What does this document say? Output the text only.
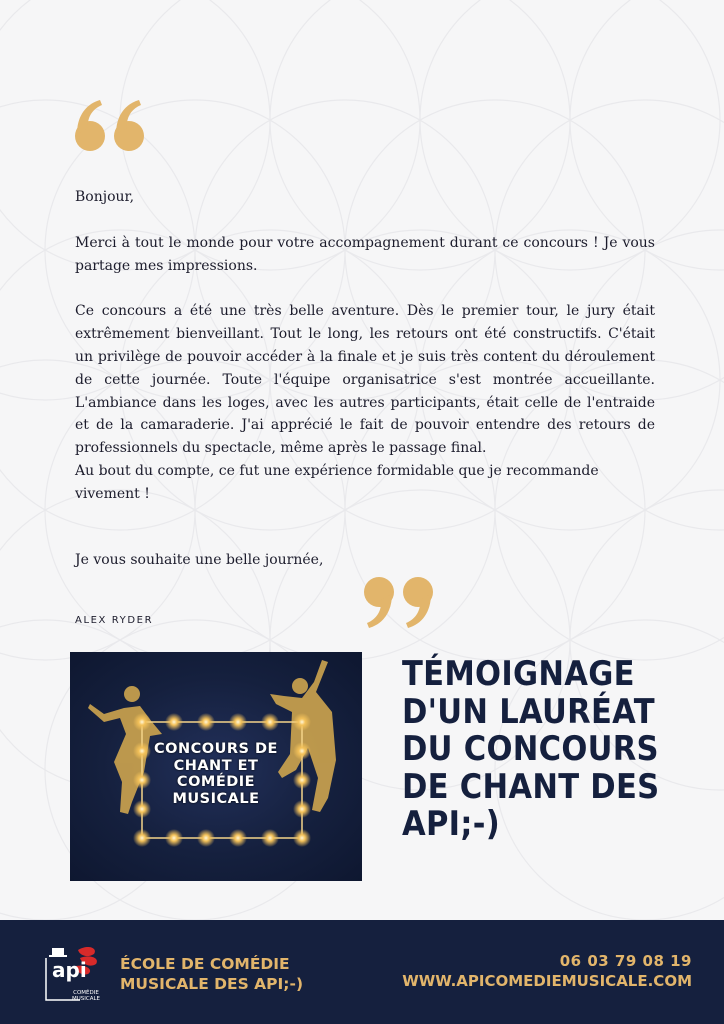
Bonjour,

Merci à tout le monde pour votre accompagnement durant ce concours ! Je vous partage mes impressions.

Ce concours a été une très belle aventure. Dès le premier tour, le jury était extrêmement bienveillant. Tout le long, les retours ont été constructifs. C'était un privilège de pouvoir accéder à la finale et je suis très content du déroulement de cette journée. Toute l'équipe organisatrice s'est montrée accueillante. L'ambiance dans les loges, avec les autres participants, était celle de l'entraide et de la camaraderie. J'ai apprécié le fait de pouvoir entendre des retours de professionnels du spectacle, même après le passage final.

Au bout du compte, ce fut une expérience formidable que je recommande vivement !

Je vous souhaite une belle journée,
ALEX RYDER
CONCOURS DE CHANT ET COMÉDIE MUSICALE
TÉMOIGNAGE D'UN LAURÉAT DU CONCOURS DE CHANT DES API;-)
api
COMÉDIE MUSICALE
ÉCOLE DE COMÉDIE
MUSICALE DES API;-)
06 03 79 08 19
WWW.APICOMEDIEMUSICALE.COM
